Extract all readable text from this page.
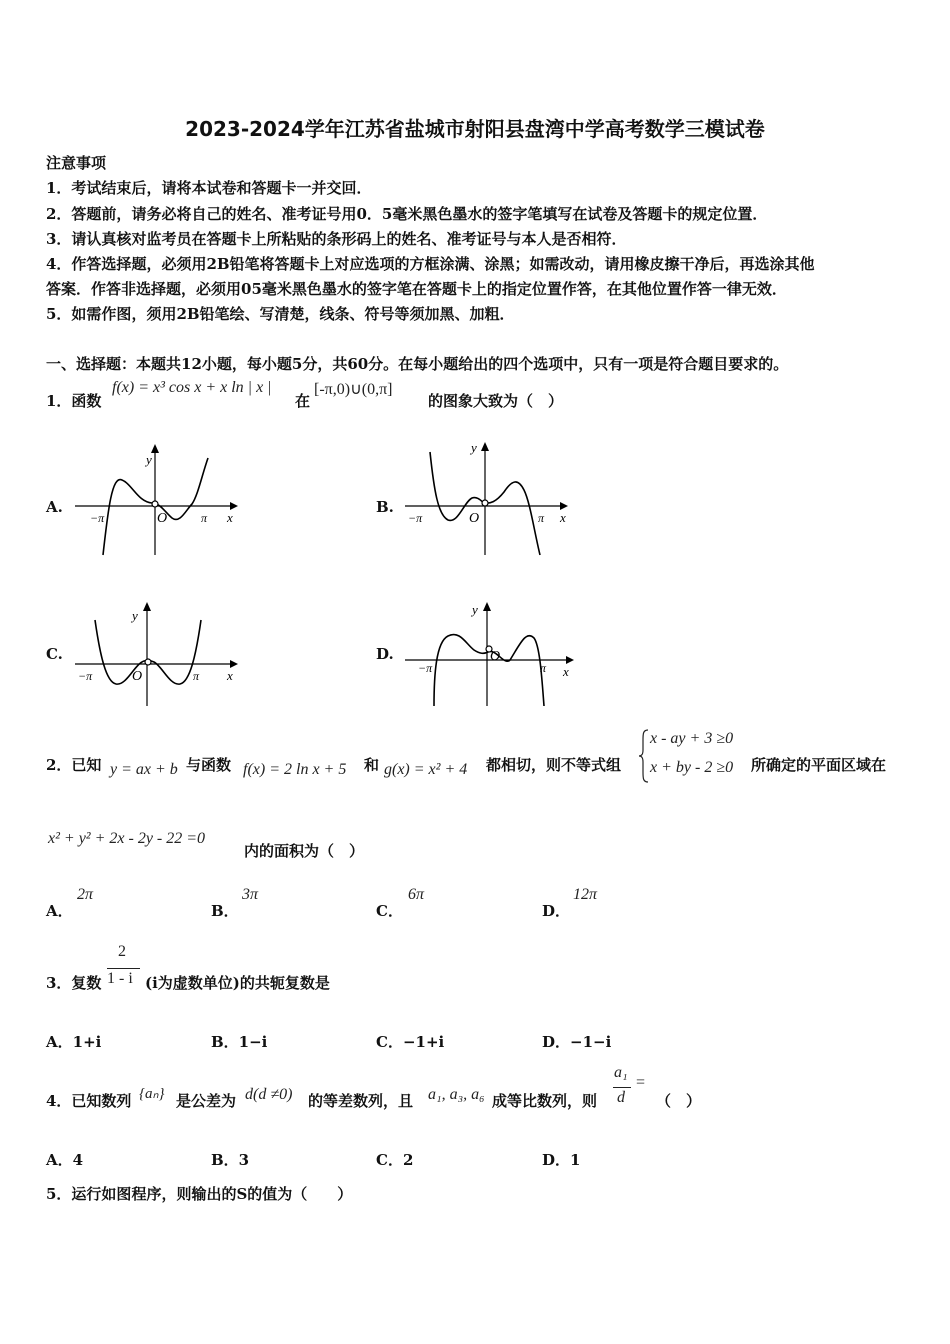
2023-2024学年江苏省盐城市射阳县盘湾中学高考数学三模试卷
注意事项
1．考试结束后，请将本试卷和答题卡一并交回．
2．答题前，请务必将自己的姓名、准考证号用0．5毫米黑色墨水的签字笔填写在试卷及答题卡的规定位置．
3．请认真核对监考员在答题卡上所粘贴的条形码上的姓名、准考证号与本人是否相符．
4．作答选择题，必须用2B铅笔将答题卡上对应选项的方框涂满、涂黑；如需改动，请用橡皮擦干净后，再选涂其他
答案．作答非选择题，必须用05毫米黑色墨水的签字笔在答题卡上的指定位置作答，在其他位置作答一律无效．
5．如需作图，须用2B铅笔绘、写清楚，线条、符号等须加黑、加粗．
一、选择题：本题共12小题，每小题5分，共60分。在每小题给出的四个选项中，只有一项是符合题目要求的。
1．函数
f(x) = x³ cos x + x ln | x |
在
[-π,0)∪(0,π]
的图象大致为（　）
A.	B.
C.	D.
y
x
O
−π	π
y
x
O
−π	π
y
x
O
−π	π
y
x
O
−π	π
2．已知 y = ax + b 与函数 f(x) = 2 ln x + 5 和 g(x) = x² + 4 都相切，则不等式组
x - ay + 3 ≥0
x + by - 2 ≥0 所确定的平面区域在
x² + y² + 2x - 2y - 22 =0
内的面积为（　）
A．
2π
B．
3π
C．
6π
D．
12π
3．复数
2
1 - i (i为虚数单位)的共轭复数是
A．1+i	B．1−i	C．−1+i	D．−1−i
4．已知数列 {aₙ} 是公差为 d(d ≠0) 的等差数列，且 a₁, a₃, a₆ 成等比数列，则
a₁
d
=
（　）
A．4	B．3	C．2	D．1
5．运行如图程序，则输出的S的值为（　　）
